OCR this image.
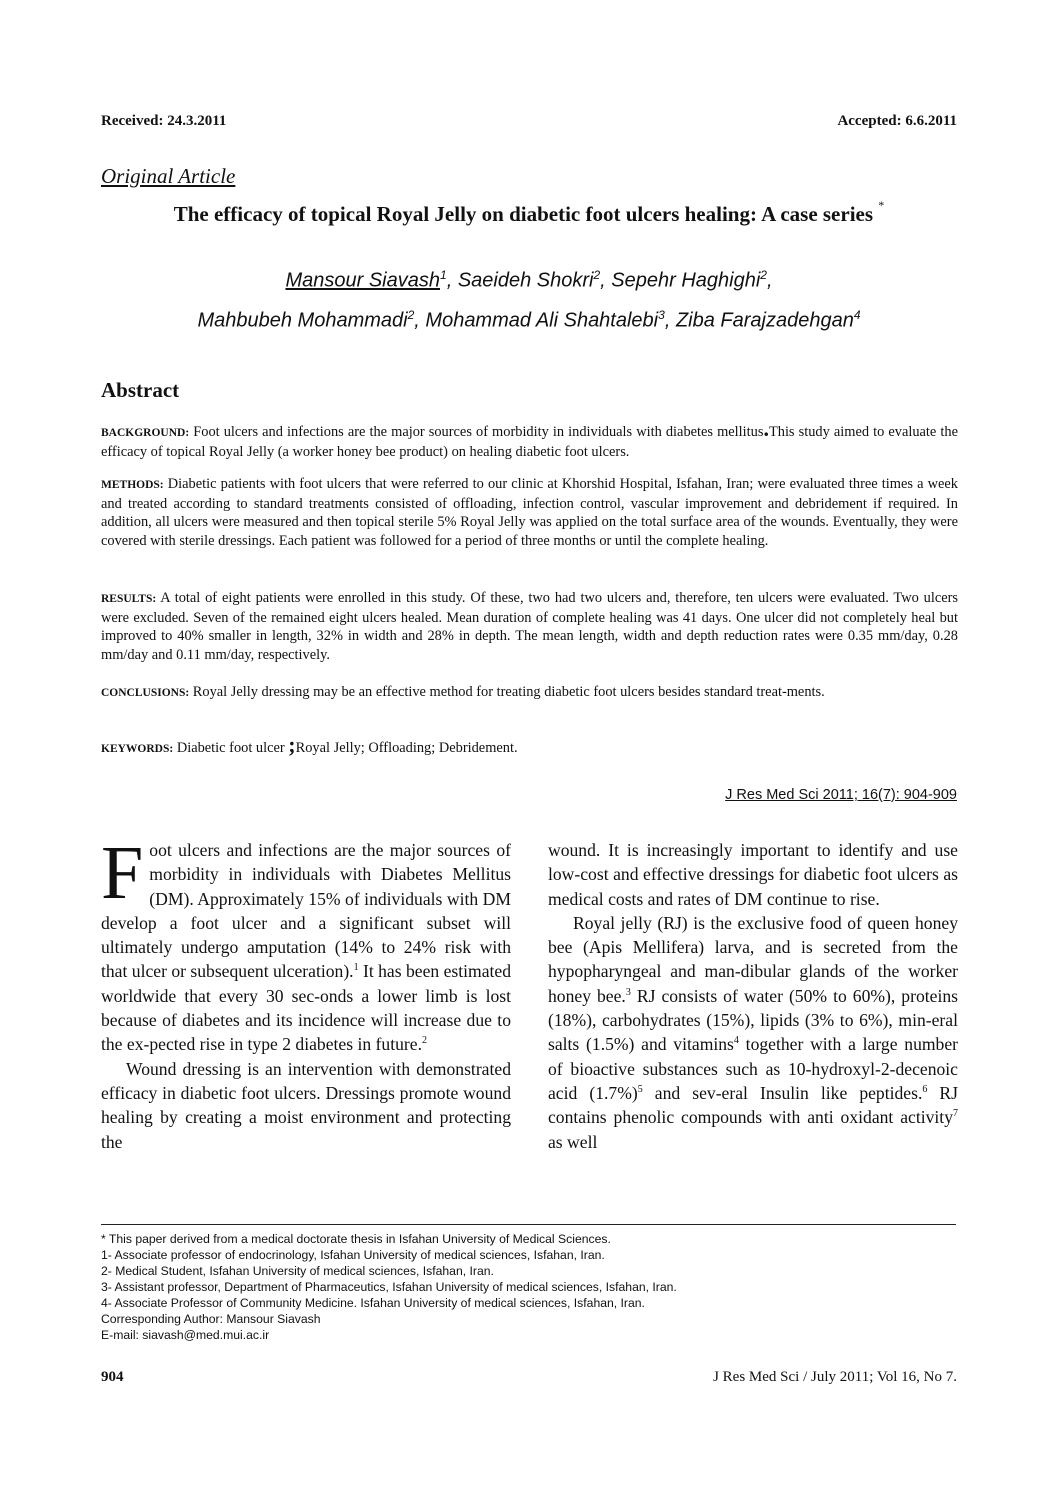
Received: 24.3.2011	Accepted: 6.6.2011
Original Article
The efficacy of topical Royal Jelly on diabetic foot ulcers healing: A case series *
Mansour Siavash$^1$, Saeideh Shokri$^2$, Sepehr Haghighi$^2$,
Mahbubeh Mohammadi$^2$, Mohammad Ali Shahtalebi$^3$, Ziba Farajzadehgan$^4$
Abstract
BACKGROUND: Foot ulcers and infections are the major sources of morbidity in individuals with diabetes mellitus.This study aimed to evaluate the efficacy of topical Royal Jelly (a worker honey bee product) on healing diabetic foot ulcers.
METHODS: Diabetic patients with foot ulcers that were referred to our clinic at Khorshid Hospital, Isfahan, Iran; were evaluated three times a week and treated according to standard treatments consisted of offloading, infection control, vascular improvement and debridement if required. In addition, all ulcers were measured and then topical sterile 5% Royal Jelly was applied on the total surface area of the wounds. Eventually, they were covered with sterile dressings. Each patient was followed for a period of three months or until the complete healing.
RESULTS: A total of eight patients were enrolled in this study. Of these, two had two ulcers and, therefore, ten ulcers were evaluated. Two ulcers were excluded. Seven of the remained eight ulcers healed. Mean duration of complete healing was 41 days. One ulcer did not completely heal but improved to 40% smaller in length, 32% in width and 28% in depth. The mean length, width and depth reduction rates were 0.35 mm/day, 0.28 mm/day and 0.11 mm/day, respectively.
CONCLUSIONS: Royal Jelly dressing may be an effective method for treating diabetic foot ulcers besides standard treat-ments.
KEYWORDS: Diabetic foot ulcer ;Royal Jelly; Offloading; Debridement.
J Res Med Sci 2011; 16(7): 904-909

Foot ulcers and infections are the major sources of morbidity in individuals with Diabetes Mellitus (DM). Approximately 15% of individuals with DM develop a foot ulcer and a significant subset will ultimately undergo amputation (14% to 24% risk with that ulcer or subsequent ulceration).$^1$ It has been estimated worldwide that every 30 sec-onds a lower limb is lost because of diabetes and its incidence will increase due to the ex-pected rise in type 2 diabetes in future.$^2$

Wound dressing is an intervention with demonstrated efficacy in diabetic foot ulcers. Dressings promote wound healing by creating a moist environment and protecting the

wound. It is increasingly important to identify and use low-cost and effective dressings for diabetic foot ulcers as medical costs and rates of DM continue to rise.

Royal jelly (RJ) is the exclusive food of queen honey bee (Apis Mellifera) larva, and is secreted from the hypopharyngeal and man-dibular glands of the worker honey bee.$^3$ RJ consists of water (50% to 60%), proteins (18%), carbohydrates (15%), lipids (3% to 6%), min-eral salts (1.5%) and vitamins$^4$ together with a large number of bioactive substances such as 10-hydroxyl-2-decenoic acid $(1.7\%)^5$ and sev-eral Insulin like peptides.$^6$ RJ contains phenolic compounds with anti oxidant activity$^7$ as well

* This paper derived from a medical doctorate thesis in Isfahan University of Medical Sciences.
1- Associate professor of endocrinology, Isfahan University of medical sciences, Isfahan, Iran.
2- Medical Student, Isfahan University of medical sciences, Isfahan, Iran.
3- Assistant professor, Department of Pharmaceutics, Isfahan University of medical sciences, Isfahan, Iran.
4- Associate Professor of Community Medicine. Isfahan University of medical sciences, Isfahan, Iran.
Corresponding Author: Mansour Siavash
E-mail: siavash@med.mui.ac.ir
904	J Res Med Sci / July 2011; Vol 16, No 7.
